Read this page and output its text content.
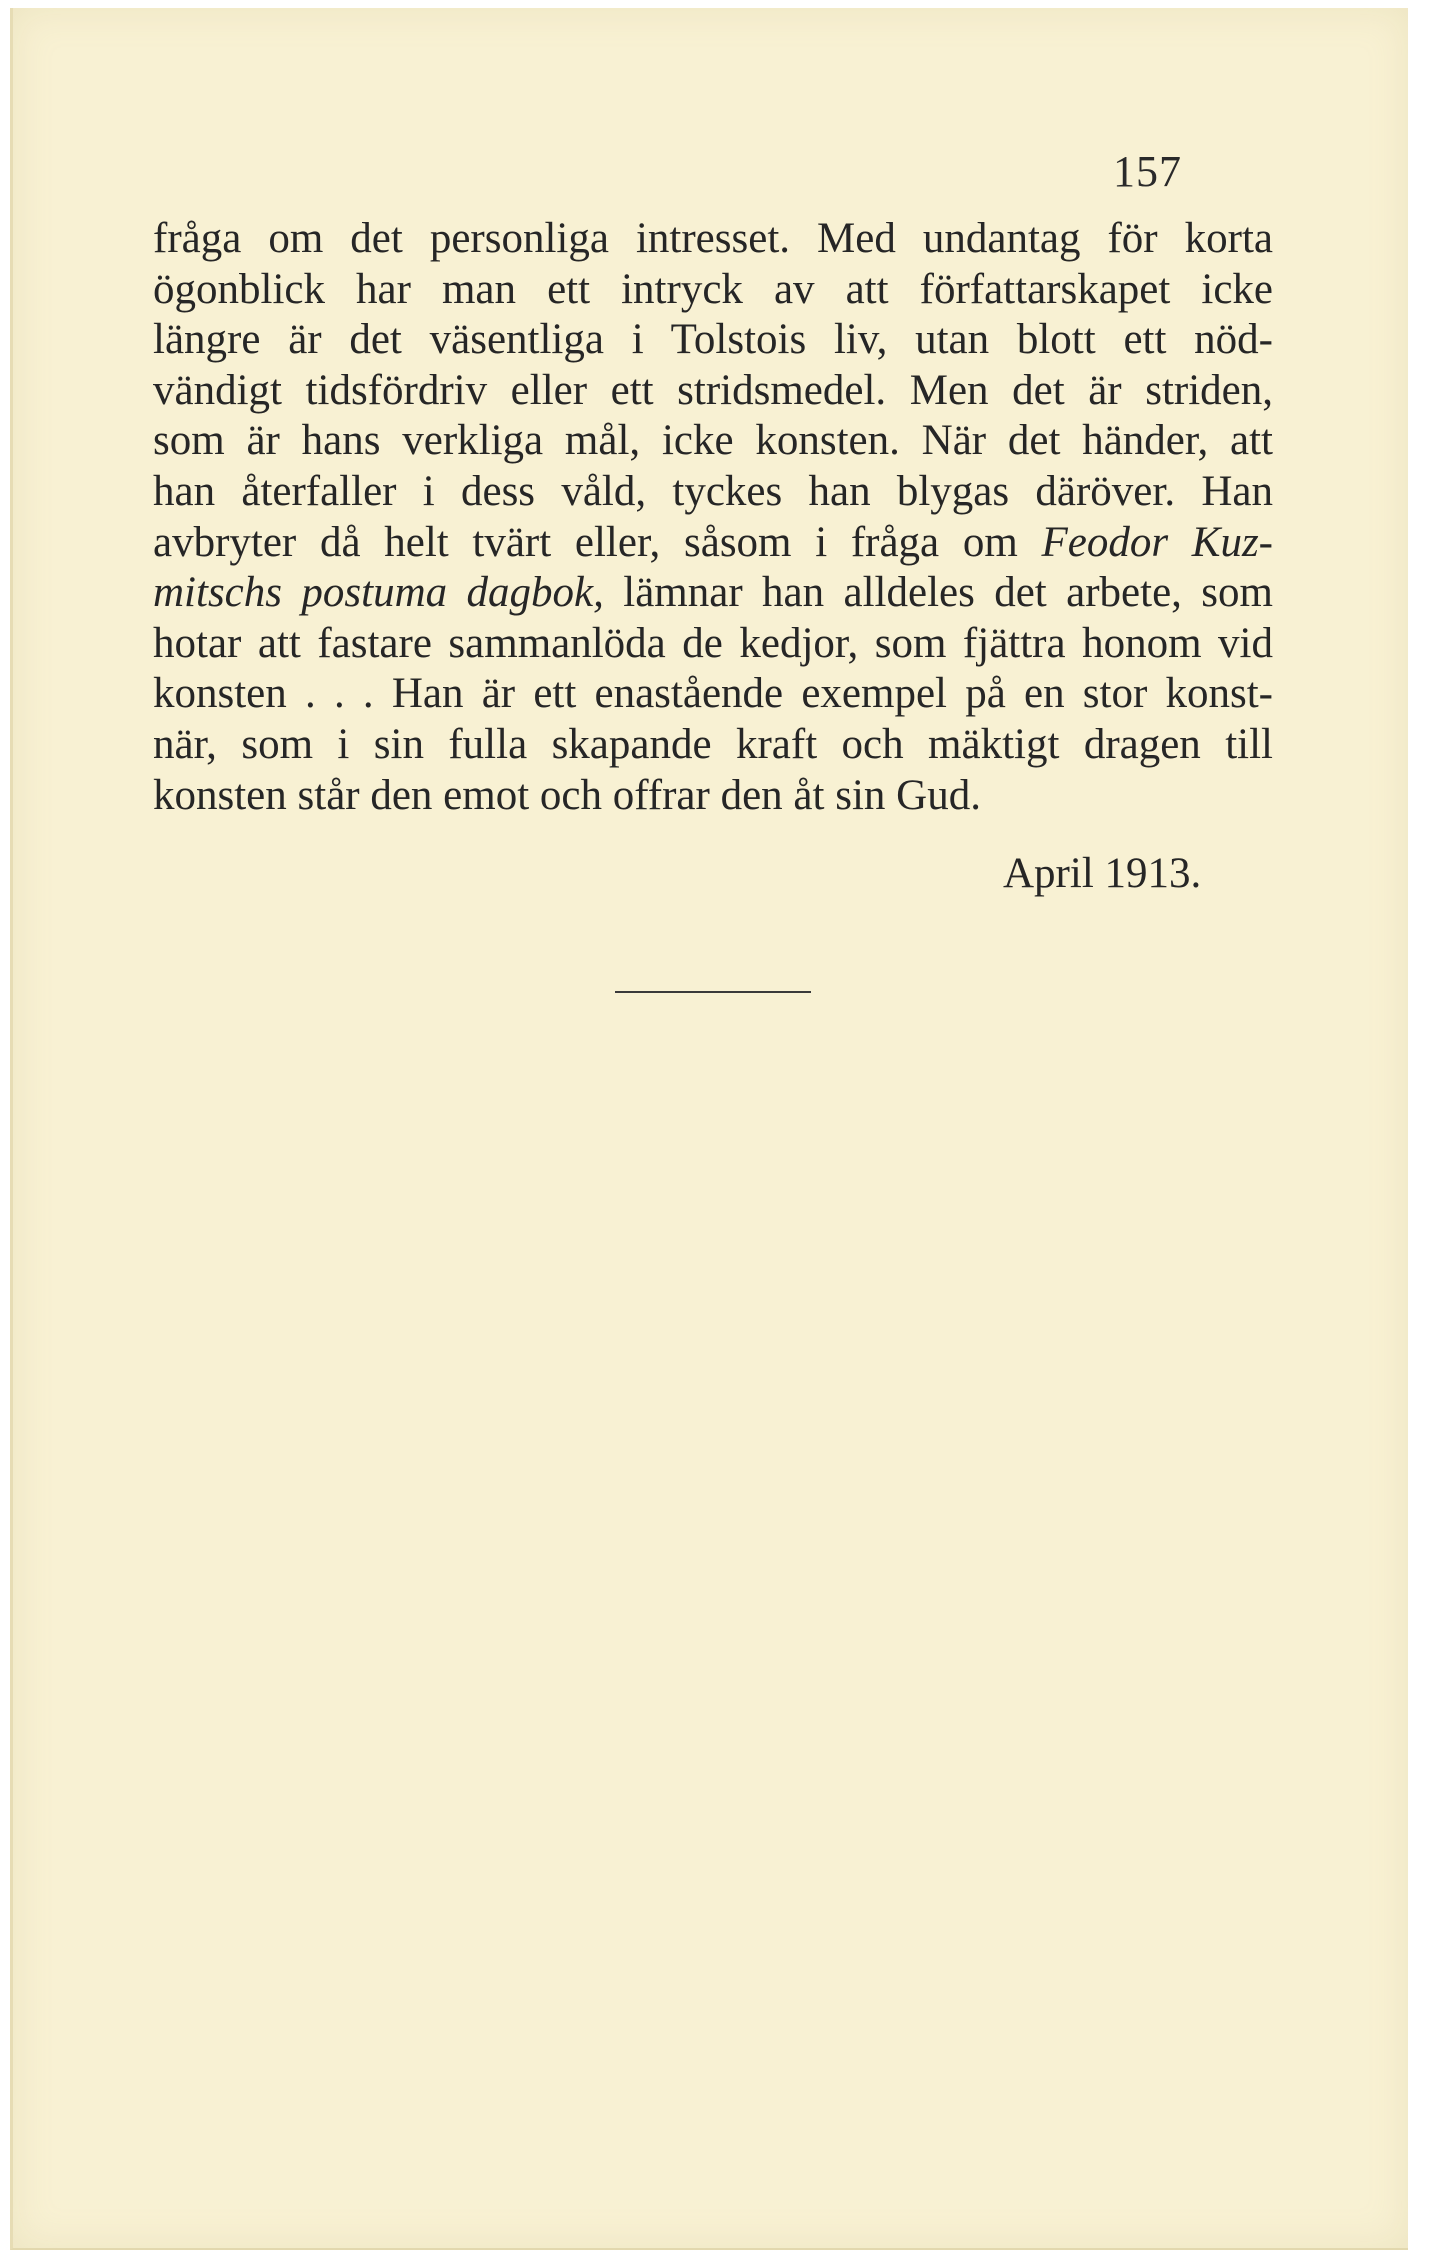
157
fråga om det personliga intresset. Med undantag för korta
ögonblick har man ett intryck av att författarskapet icke
längre är det väsentliga i Tolstois liv, utan blott ett nöd-
vändigt tidsfördriv eller ett stridsmedel. Men det är striden,
som är hans verkliga mål, icke konsten. När det händer, att
han återfaller i dess våld, tyckes han blygas däröver. Han
avbryter då helt tvärt eller, såsom i fråga om Feodor Kuz-
mitschs postuma dagbok, lämnar han alldeles det arbete, som
hotar att fastare sammanlöda de kedjor, som fjättra honom vid
konsten . . . Han är ett enastående exempel på en stor konst-
när, som i sin fulla skapande kraft och mäktigt dragen till
konsten står den emot och offrar den åt sin Gud.
April 1913.
